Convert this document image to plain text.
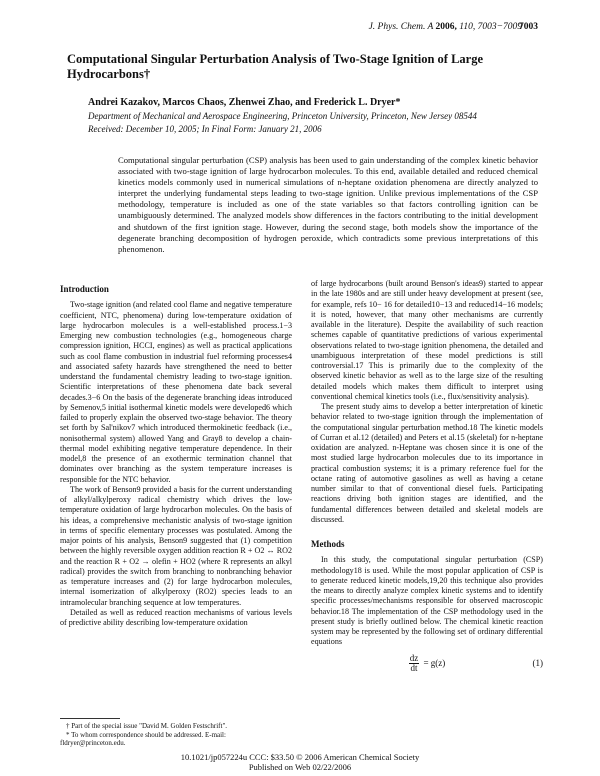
J. Phys. Chem. A 2006, 110, 7003−7009
7003
Computational Singular Perturbation Analysis of Two-Stage Ignition of Large Hydrocarbons†
Andrei Kazakov, Marcos Chaos, Zhenwei Zhao, and Frederick L. Dryer*
Department of Mechanical and Aerospace Engineering, Princeton University, Princeton, New Jersey 08544
Received: December 10, 2005; In Final Form: January 21, 2006

Computational singular perturbation (CSP) analysis has been used to gain understanding of the complex kinetic behavior associated with two-stage ignition of large hydrocarbon molecules. To this end, available detailed and reduced chemical kinetics models commonly used in numerical simulations of n-heptane oxidation phenomena are directly analyzed to interpret the underlying fundamental steps leading to two-stage ignition. Unlike previous implementations of the CSP methodology, temperature is included as one of the state variables so that factors controlling ignition can be unambiguously determined. The analyzed models show differences in the factors contributing to the initial development and shutdown of the first ignition stage. However, during the second stage, both models show the importance of the degenerate branching decomposition of hydrogen peroxide, which contradicts some previous interpretations of this phenomenon.

Introduction

Two-stage ignition (and related cool flame and negative temperature coefficient, NTC, phenomena) during low-temperature oxidation of large hydrocarbon molecules is a well-established process.1−3 Emerging new combustion technologies (e.g., homogeneous charge compression ignition, HCCI, engines) as well as practical applications such as cool flame combustion in industrial fuel reforming processes4 and associated safety hazards have strengthened the need to better understand the fundamental chemistry leading to two-stage ignition. Scientific interpretations of these phenomena date back several decades.3−6 On the basis of the degenerate branching ideas introduced by Semenov,5 initial isothermal kinetic models were developed6 which failed to properly explain the observed two-stage behavior. The theory set forth by Sal'nikov7 which introduced thermokinetic feedback (i.e., nonisothermal system) allowed Yang and Gray8 to develop a chain-thermal model exhibiting negative temperature dependence. In their model,8 the presence of an exothermic termination channel that dominates over branching as the system temperature increases is responsible for the NTC behavior.

The work of Benson9 provided a basis for the current understanding of alkyl/alkylperoxy radical chemistry which drives the low-temperature oxidation of large hydrocarbon molecules. On the basis of his ideas, a comprehensive mechanistic analysis of two-stage ignition in terms of specific elementary processes was postulated. Among the major points of his analysis, Benson9 suggested that (1) competition between the highly reversible oxygen addition reaction R + O2 ↔ RO2 and the reaction R + O2 → olefin + HO2 (where R represents an alkyl radical) provides the switch from branching to nonbranching behavior as temperature increases and (2) for large hydrocarbon molecules, internal isomerization of alkylperoxy (RO2) species leads to an intramolecular branching sequence at low temperatures.

Detailed as well as reduced reaction mechanisms of various levels of predictive ability describing low-temperature oxidation

of large hydrocarbons (built around Benson's ideas9) started to appear in the late 1980s and are still under heavy development at present (see, for example, refs 10− 16 for detailed10−13 and reduced14−16 models; it is noted, however, that many other mechanisms are currently available in the literature). Despite the availability of such reaction schemes capable of quantitative predictions of various experimental observations related to two-stage ignition phenomena, the detailed and unambiguous interpretation of these model predictions is still controversial.17 This is primarily due to the complexity of the observed kinetic behavior as well as to the large size of the resulting detailed models which makes them difficult to interpret using conventional chemical kinetics tools (i.e., flux/sensitivity analysis).

The present study aims to develop a better interpretation of kinetic behavior related to two-stage ignition through the implementation of the computational singular perturbation method.18 The kinetic models of Curran et al.12 (detailed) and Peters et al.15 (skeletal) for n-heptane oxidation are analyzed. n-Heptane was chosen since it is one of the most studied large hydrocarbon molecules due to its importance in practical combustion systems; it is a primary reference fuel for the octane rating of automotive gasolines as well as having a cetane number similar to that of conventional diesel fuels. Participating reactions driving both ignition stages are identified, and the fundamental differences between detailed and skeletal models are discussed.

Methods

In this study, the computational singular perturbation (CSP) methodology18 is used. While the most popular application of CSP is to generate reduced kinetic models,19,20 this technique also provides the means to directly analyze complex kinetic systems and to identify specific processes/mechanisms responsible for observed macroscopic behavior.18 The implementation of the CSP methodology used in the present study is briefly outlined below. The chemical kinetic reaction system may be represented by the following set of ordinary differential equations

$\frac{dz}{dt} = g(z)$	(1)
† Part of the special issue "David M. Golden Festschrift".
* To whom correspondence should be addressed. E-mail: fldryer@princeton.edu.
10.1021/jp057224u CCC: $33.50 © 2006 American Chemical Society
Published on Web 02/22/2006
